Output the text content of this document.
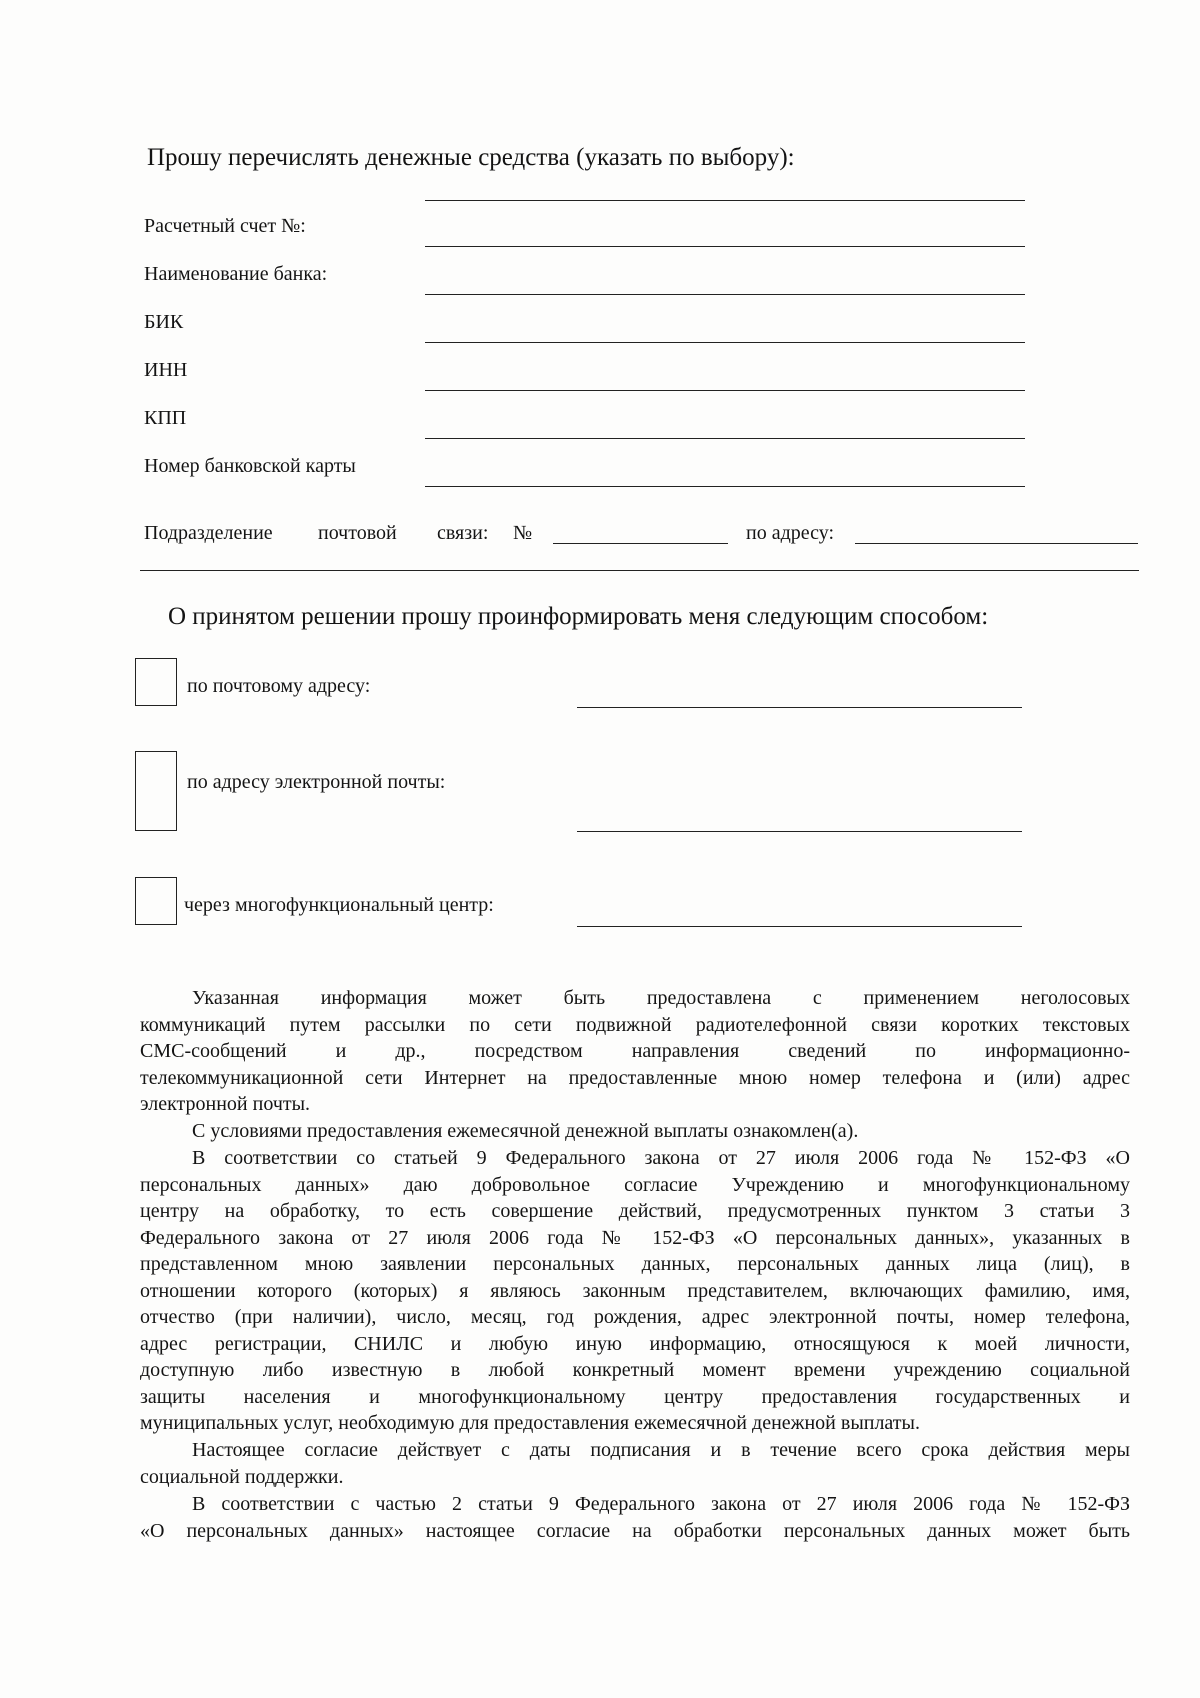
Прошу перечислять денежные средства (указать по выбору):
Расчетный счет №:
Наименование банка:
БИК
ИНН
КПП
Номер банковской карты
Подразделение почтовой связи: №	по адресу:
О принятом решении прошу проинформировать меня следующим способом:
по почтовому адресу:
по адресу электронной почты:
через многофункциональный центр:
Указанная информация может быть предоставлена с применением неголосовых
коммуникаций путем рассылки по сети подвижной радиотелефонной связи коротких текстовых
СМС-сообщений и др., посредством направления сведений по информационно-
телекоммуникационной сети Интернет на предоставленные мною номер телефона и (или) адрес
электронной почты.
С условиями предоставления ежемесячной денежной выплаты ознакомлен(а).
В соответствии со статьей 9 Федерального закона от 27 июля 2006 года № 152-ФЗ «О
персональных данных» даю добровольное согласие Учреждению и многофункциональному
центру на обработку, то есть совершение действий, предусмотренных пунктом 3 статьи 3
Федерального закона от 27 июля 2006 года № 152-ФЗ «О персональных данных», указанных в
представленном мною заявлении персональных данных, персональных данных лица (лиц), в
отношении которого (которых) я являюсь законным представителем, включающих фамилию, имя,
отчество (при наличии), число, месяц, год рождения, адрес электронной почты, номер телефона,
адрес регистрации, СНИЛС и любую иную информацию, относящуюся к моей личности,
доступную либо известную в любой конкретный момент времени учреждению социальной
защиты населения и многофункциональному центру предоставления государственных и
муниципальных услуг, необходимую для предоставления ежемесячной денежной выплаты.
Настоящее согласие действует с даты подписания и в течение всего срока действия меры
социальной поддержки.
В соответствии с частью 2 статьи 9 Федерального закона от 27 июля 2006 года № 152-ФЗ
«О персональных данных» настоящее согласие на обработки персональных данных может быть
